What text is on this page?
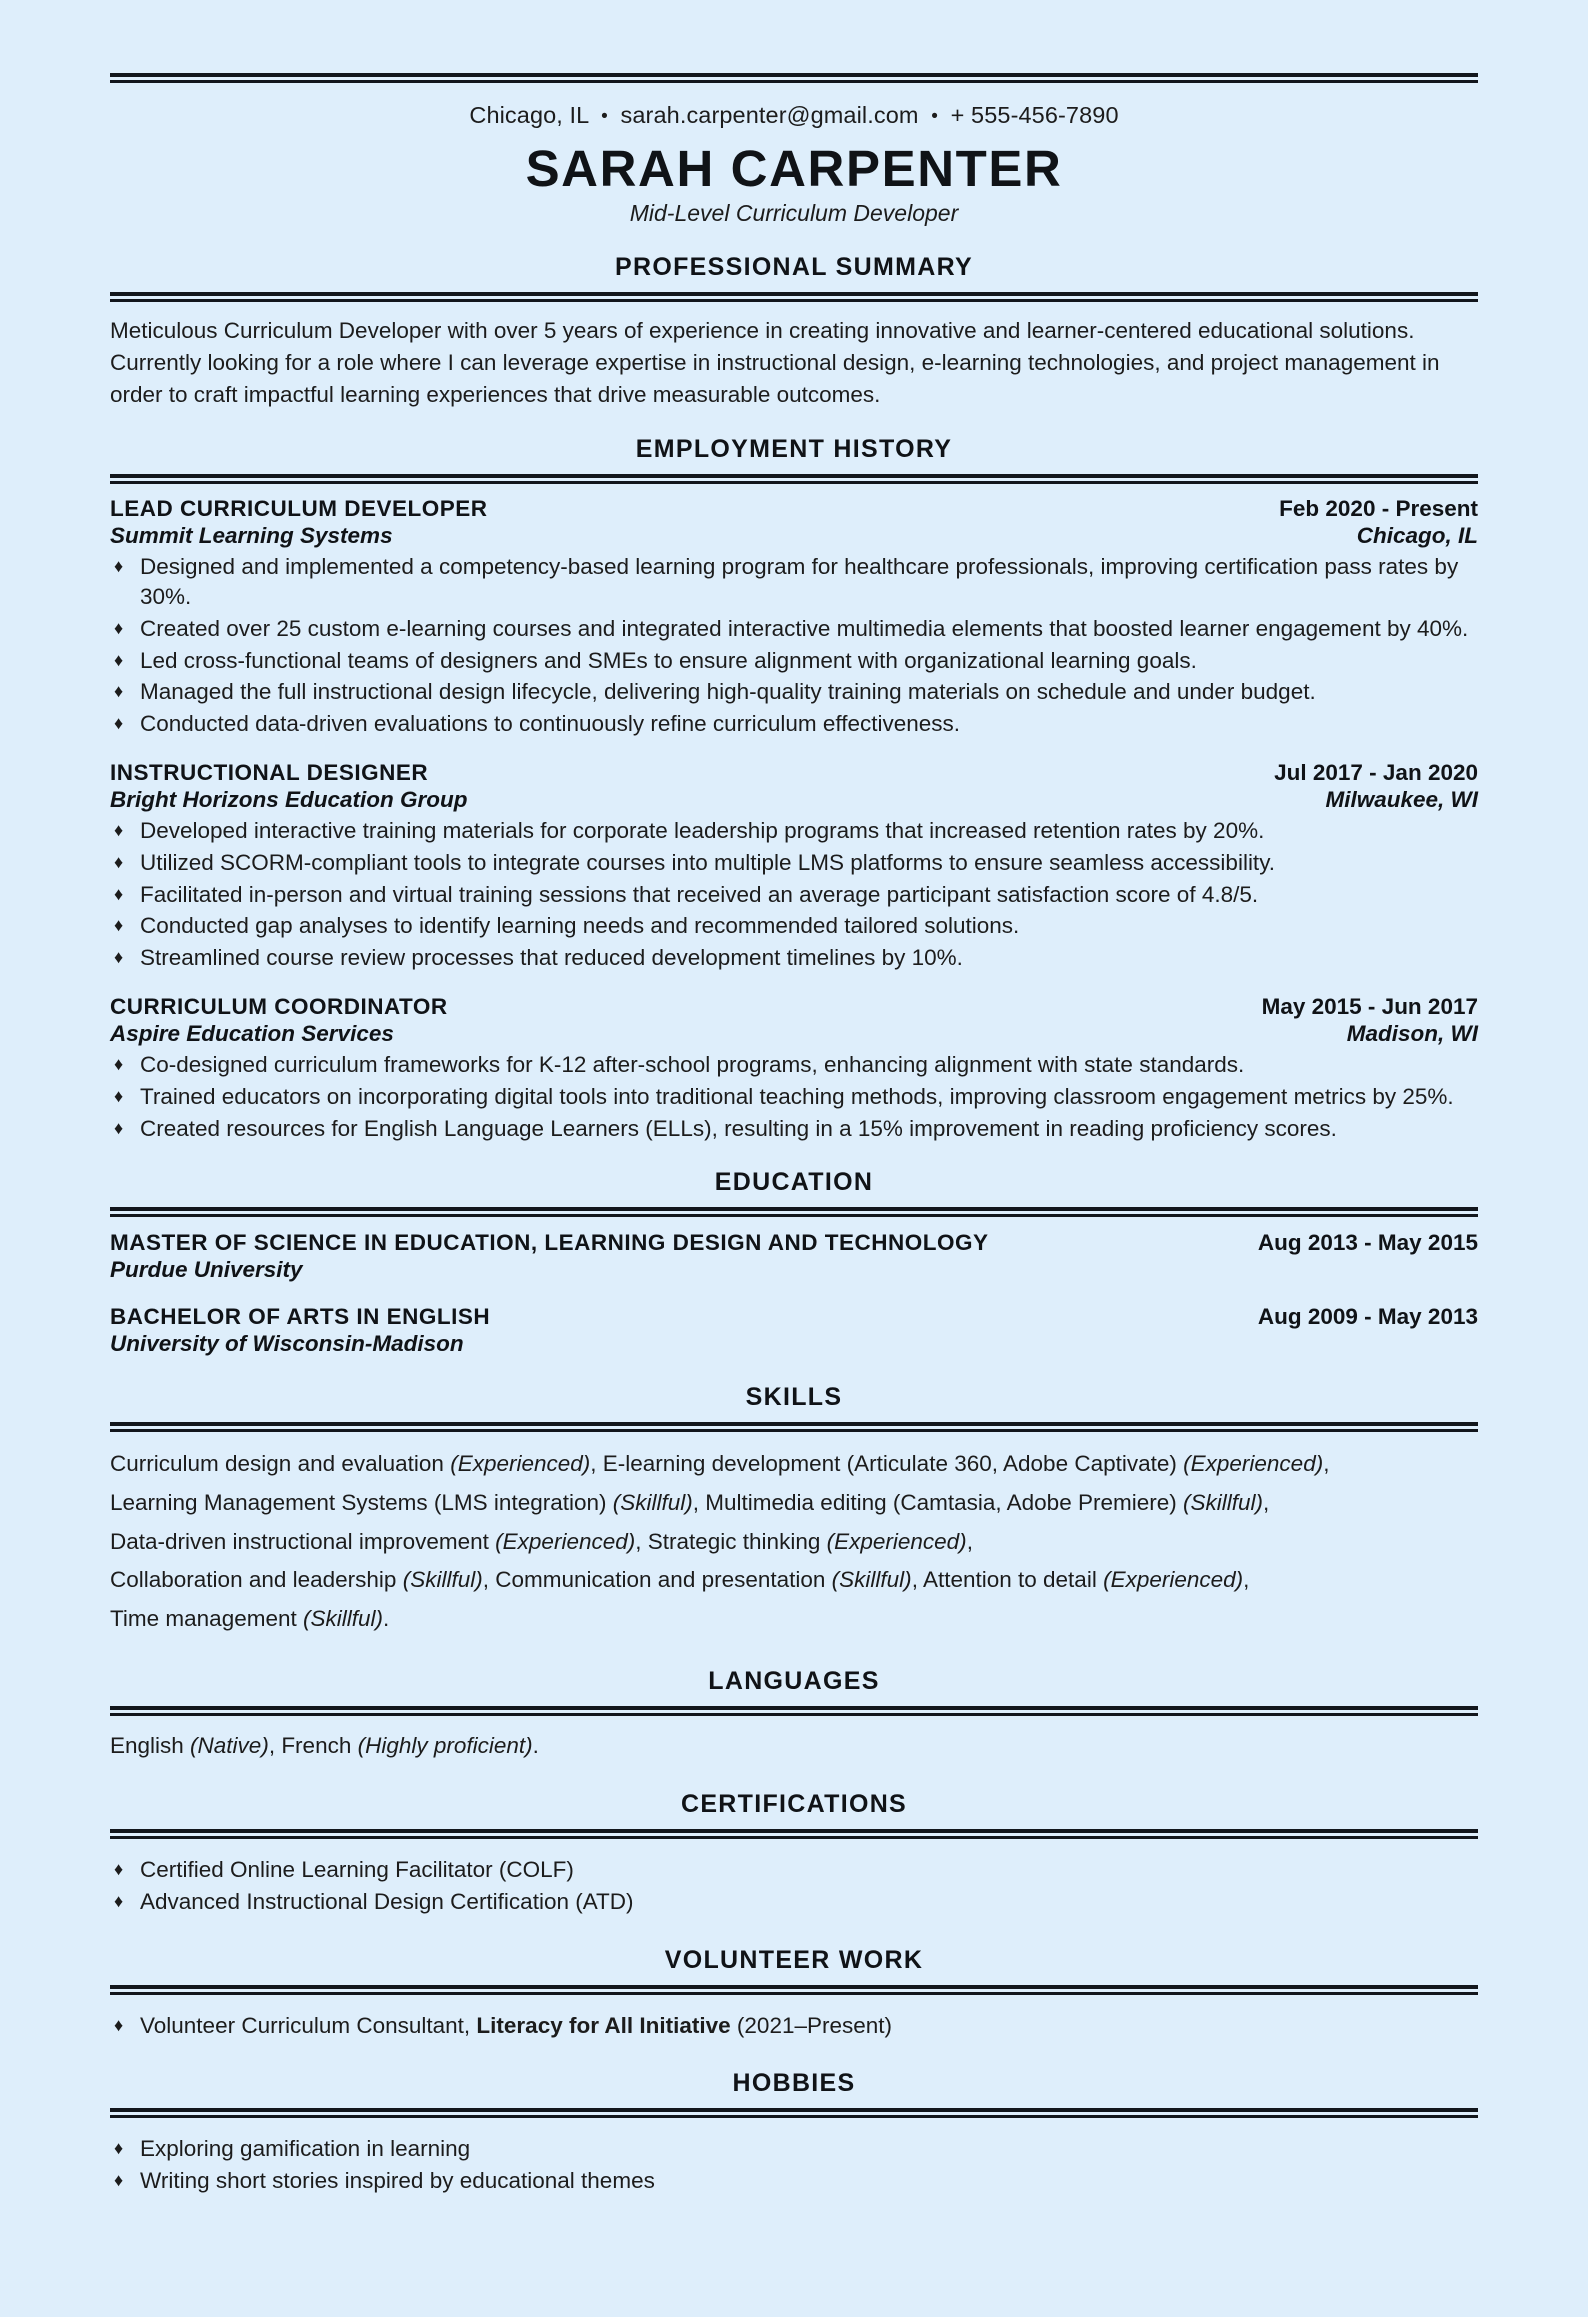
Chicago, IL • sarah.carpenter@gmail.com • + 555-456-7890
SARAH CARPENTER
Mid-Level Curriculum Developer
PROFESSIONAL SUMMARY
Meticulous Curriculum Developer with over 5 years of experience in creating innovative and learner-centered educational solutions. Currently looking for a role where I can leverage expertise in instructional design, e-learning technologies, and project management in order to craft impactful learning experiences that drive measurable outcomes.
EMPLOYMENT HISTORY
LEAD CURRICULUM DEVELOPER	Feb 2020 - Present
Summit Learning Systems	Chicago, IL
♦ Designed and implemented a competency-based learning program for healthcare professionals, improving certification pass rates by 30%.
♦ Created over 25 custom e-learning courses and integrated interactive multimedia elements that boosted learner engagement by 40%.
♦ Led cross-functional teams of designers and SMEs to ensure alignment with organizational learning goals.
♦ Managed the full instructional design lifecycle, delivering high-quality training materials on schedule and under budget.
♦ Conducted data-driven evaluations to continuously refine curriculum effectiveness.
INSTRUCTIONAL DESIGNER	Jul 2017 - Jan 2020
Bright Horizons Education Group	Milwaukee, WI
♦ Developed interactive training materials for corporate leadership programs that increased retention rates by 20%.
♦ Utilized SCORM-compliant tools to integrate courses into multiple LMS platforms to ensure seamless accessibility.
♦ Facilitated in-person and virtual training sessions that received an average participant satisfaction score of 4.8/5.
♦ Conducted gap analyses to identify learning needs and recommended tailored solutions.
♦ Streamlined course review processes that reduced development timelines by 10%.
CURRICULUM COORDINATOR	May 2015 - Jun 2017
Aspire Education Services	Madison, WI
♦ Co-designed curriculum frameworks for K-12 after-school programs, enhancing alignment with state standards.
♦ Trained educators on incorporating digital tools into traditional teaching methods, improving classroom engagement metrics by 25%.
♦ Created resources for English Language Learners (ELLs), resulting in a 15% improvement in reading proficiency scores.
EDUCATION
MASTER OF SCIENCE IN EDUCATION, LEARNING DESIGN AND TECHNOLOGY	Aug 2013 - May 2015
Purdue University
BACHELOR OF ARTS IN ENGLISH	Aug 2009 - May 2013
University of Wisconsin-Madison
SKILLS
Curriculum design and evaluation (Experienced), E-learning development (Articulate 360, Adobe Captivate) (Experienced),
Learning Management Systems (LMS integration) (Skillful), Multimedia editing (Camtasia, Adobe Premiere) (Skillful),
Data-driven instructional improvement (Experienced), Strategic thinking (Experienced),
Collaboration and leadership (Skillful), Communication and presentation (Skillful), Attention to detail (Experienced),
Time management (Skillful).
LANGUAGES
English (Native), French (Highly proficient).
CERTIFICATIONS
♦ Certified Online Learning Facilitator (COLF)
♦ Advanced Instructional Design Certification (ATD)
VOLUNTEER WORK
♦ Volunteer Curriculum Consultant, Literacy for All Initiative (2021–Present)
HOBBIES
♦ Exploring gamification in learning
♦ Writing short stories inspired by educational themes
